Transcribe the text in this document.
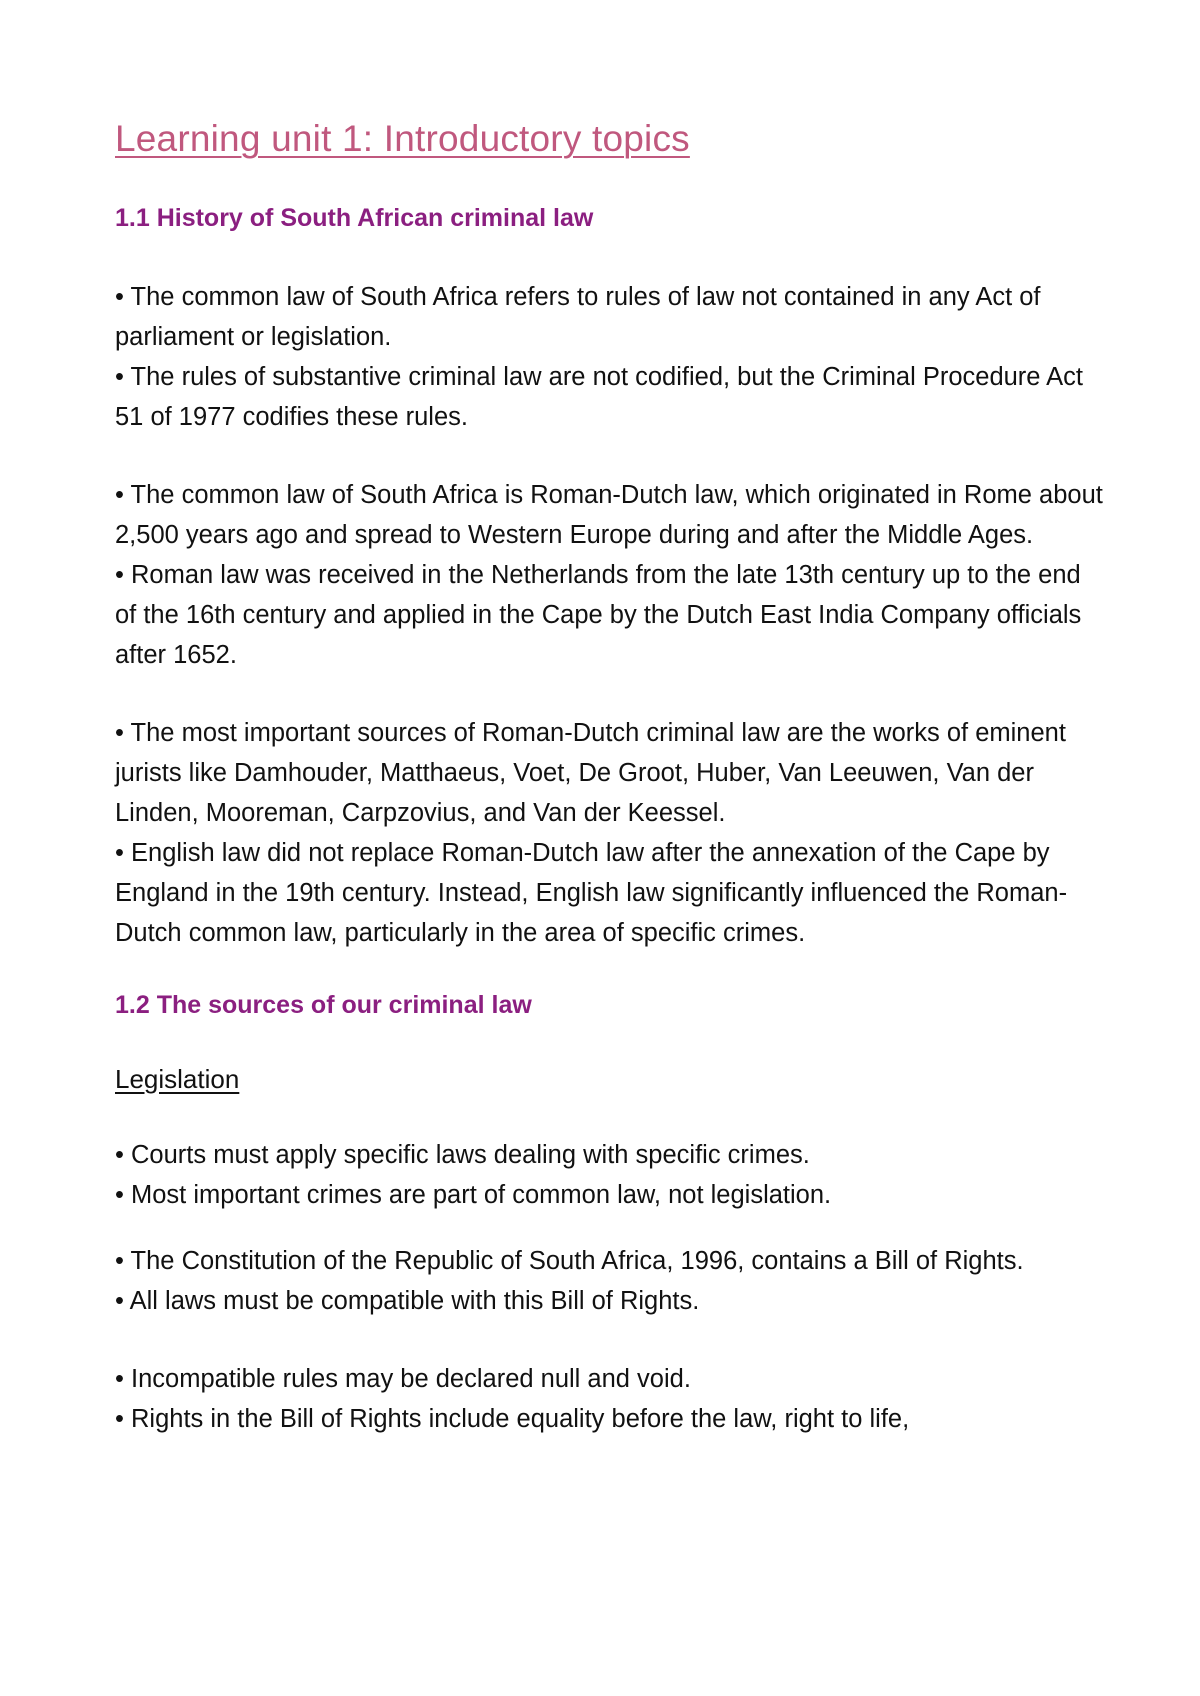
Learning unit 1: Introductory topics
1.1 History of South African criminal law

• The common law of South Africa refers to rules of law not contained in any Act of parliament or legislation.

• The rules of substantive criminal law are not codified, but the Criminal Procedure Act 51 of 1977 codifies these rules.

• The common law of South Africa is Roman-Dutch law, which originated in Rome about 2,500 years ago and spread to Western Europe during and after the Middle Ages.

• Roman law was received in the Netherlands from the late 13th century up to the end of the 16th century and applied in the Cape by the Dutch East India Company officials after 1652.

• The most important sources of Roman-Dutch criminal law are the works of eminent jurists like Damhouder, Matthaeus, Voet, De Groot, Huber, Van Leeuwen, Van der Linden, Mooreman, Carpzovius, and Van der Keessel.

• English law did not replace Roman-Dutch law after the annexation of the Cape by England in the 19th century. Instead, English law significantly influenced the Roman-Dutch common law, particularly in the area of specific crimes.

1.2 The sources of our criminal law
Legislation

• Courts must apply specific laws dealing with specific crimes.

• Most important crimes are part of common law, not legislation.

• The Constitution of the Republic of South Africa, 1996, contains a Bill of Rights.

• All laws must be compatible with this Bill of Rights.

• Incompatible rules may be declared null and void.

• Rights in the Bill of Rights include equality before the law, right to life,
